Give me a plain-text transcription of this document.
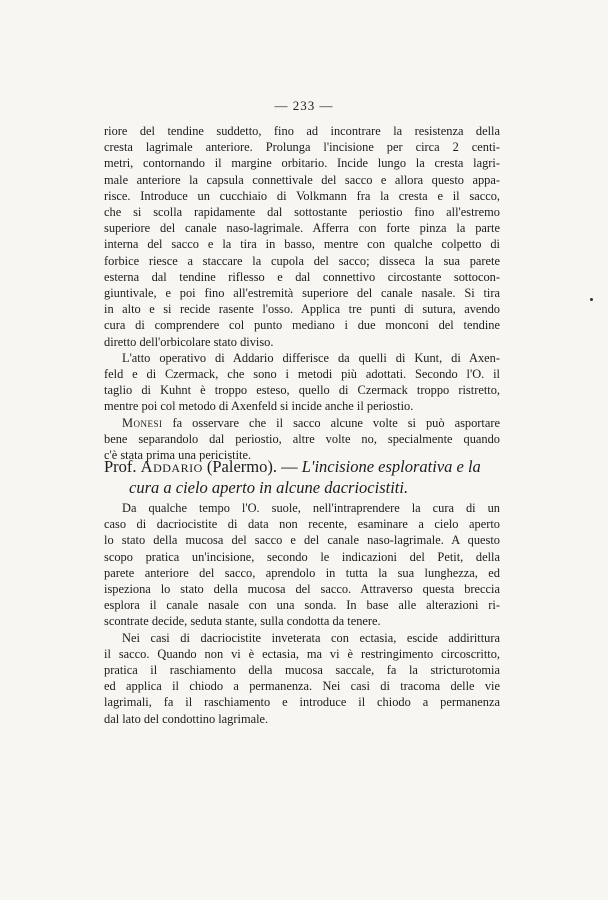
— 233 —

riore del tendine suddetto, fino ad incontrare la resistenza della
cresta lagrimale anteriore. Prolunga l'incisione per circa 2 centi-
metri, contornando il margine orbitario. Incide lungo la cresta lagri-
male anteriore la capsula connettivale del sacco e allora questo appa-
risce. Introduce un cucchiaio di Volkmann fra la cresta e il sacco,
che si scolla rapidamente dal sottostante periostio fino all'estremo
superiore del canale naso-lagrimale. Afferra con forte pinza la parte
interna del sacco e la tira in basso, mentre con qualche colpetto di
forbice riesce a staccare la cupola del sacco; disseca la sua parete
esterna dal tendine riflesso e dal connettivo circostante sottocon-
giuntivale, e poi fino all'estremità superiore del canale nasale. Si tira
in alto e si recide rasente l'osso. Applica tre punti di sutura, avendo
cura di comprendere col punto mediano i due monconi del tendine
diretto dell'orbicolare stato diviso.

L'atto operativo di Addario differisce da quelli di Kunt, di Axen-
feld e di Czermack, che sono i metodi più adottati. Secondo l'O. il
taglio di Kuhnt è troppo esteso, quello di Czermack troppo ristretto,
mentre poi col metodo di Axenfeld si incide anche il periostio.

Monesi fa osservare che il sacco alcune volte si può asportare
bene separandolo dal periostio, altre volte no, specialmente quando
c'è stata prima una pericistite.

Prof. Addario (Palermo). — L'incisione esplorativa e la
cura a cielo aperto in alcune dacriocistiti.

Da qualche tempo l'O. suole, nell'intraprendere la cura di un
caso di dacriocistite di data non recente, esaminare a cielo aperto
lo stato della mucosa del sacco e del canale naso-lagrimale. A questo
scopo pratica un'incisione, secondo le indicazioni del Petit, della
parete anteriore del sacco, aprendolo in tutta la sua lunghezza, ed
ispeziona lo stato della mucosa del sacco. Attraverso questa breccia
esplora il canale nasale con una sonda. In base alle alterazioni ri-
scontrate decide, seduta stante, sulla condotta da tenere.

Nei casi di dacriocistite inveterata con ectasia, escide addirittura
il sacco. Quando non vi è ectasia, ma vi è restringimento circoscritto,
pratica il raschiamento della mucosa saccale, fa la stricturotomia
ed applica il chiodo a permanenza. Nei casi di tracoma delle vie
lagrimali, fa il raschiamento e introduce il chiodo a permanenza
dal lato del condottino lagrimale.
